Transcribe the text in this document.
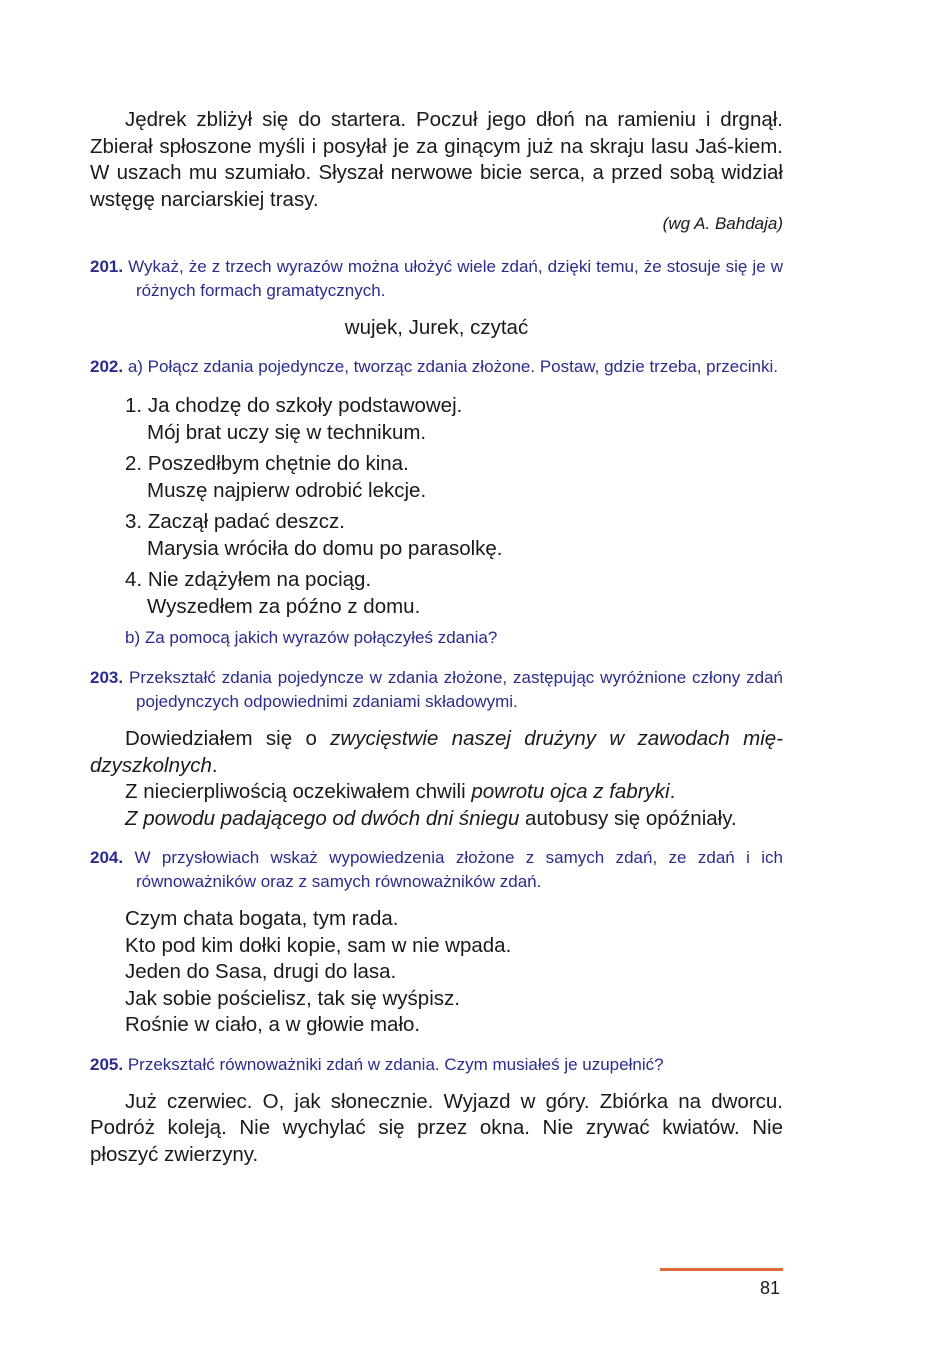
Jędrek zbliżył się do startera. Poczuł jego dłoń na ramieniu i drgnął. Zbierał spłoszone myśli i posyłał je za ginącym już na skraju lasu Jaś-kiem. W uszach mu szumiało. Słyszał nerwowe bicie serca, a przed sobą widział wstęgę narciarskiej trasy.

(wg A. Bahdaja)

201. Wykaż, że z trzech wyrazów można ułożyć wiele zdań, dzięki temu, że stosuje się je w różnych formach gramatycznych.

wujek, Jurek, czytać

202. a) Połącz zdania pojedyncze, tworząc zdania złożone. Postaw, gdzie trzeba, przecinki.

1. Ja chodzę do szkoły podstawowej.
Mój brat uczy się w technikum.
2. Poszedłbym chętnie do kina.
Muszę najpierw odrobić lekcje.
3. Zaczął padać deszcz.
Marysia wróciła do domu po parasolkę.
4. Nie zdążyłem na pociąg.
Wyszedłem za późno z domu.

b) Za pomocą jakich wyrazów połączyłeś zdania?

203. Przekształć zdania pojedyncze w zdania złożone, zastępując wyróżnione człony zdań pojedynczych odpowiednimi zdaniami składowymi.

Dowiedziałem się o zwycięstwie naszej drużyny w zawodach mię-dzyszkolnych.

Z niecierpliwością oczekiwałem chwili powrotu ojca z fabryki.

Z powodu padającego od dwóch dni śniegu autobusy się opóźniały.

204. W przysłowiach wskaż wypowiedzenia złożone z samych zdań, ze zdań i ich równoważników oraz z samych równoważników zdań.

Czym chata bogata, tym rada.

Kto pod kim dołki kopie, sam w nie wpada.

Jeden do Sasa, drugi do lasa.

Jak sobie pościelisz, tak się wyśpisz.

Rośnie w ciało, a w głowie mało.

205. Przekształć równoważniki zdań w zdania. Czym musiałeś je uzupełnić?

Już czerwiec. O, jak słonecznie. Wyjazd w góry. Zbiórka na dworcu. Podróż koleją. Nie wychylać się przez okna. Nie zrywać kwiatów. Nie płoszyć zwierzyny.

81
